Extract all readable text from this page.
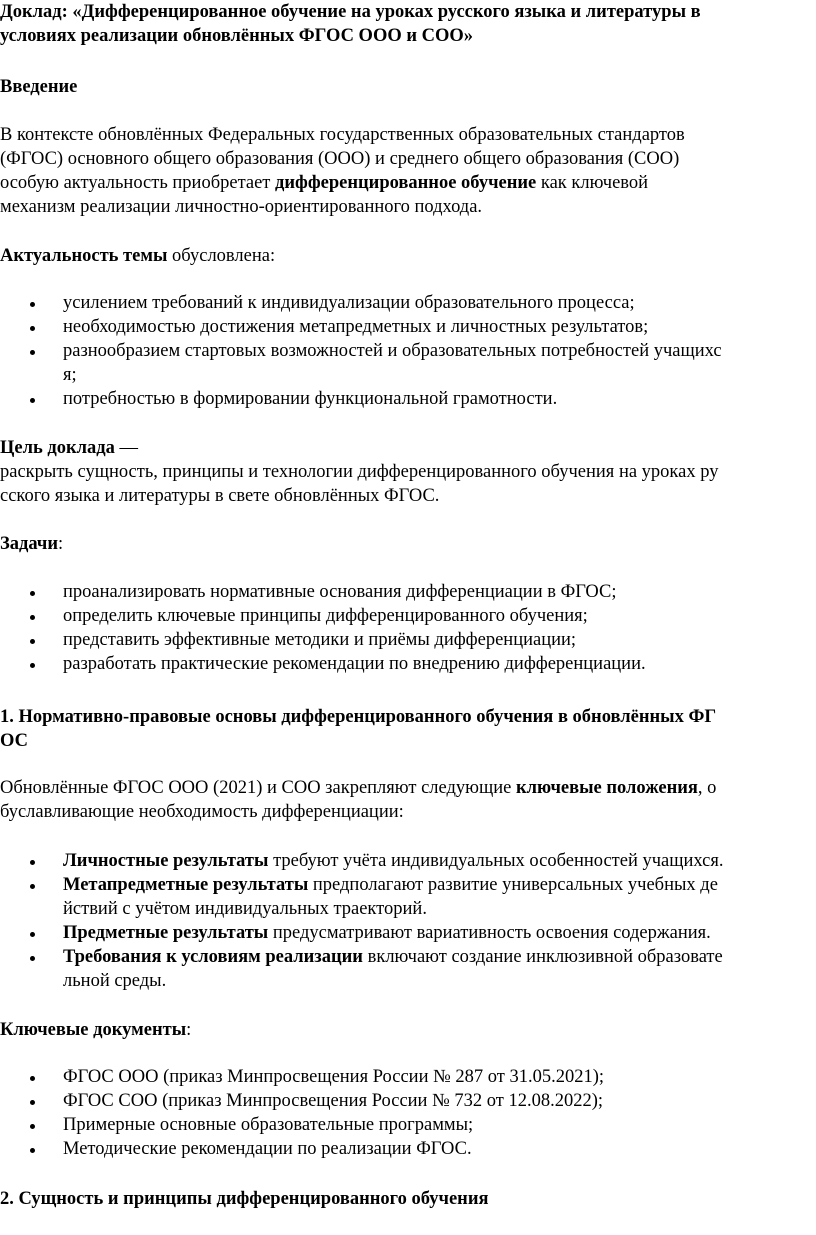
Доклад: «Дифференцированное обучение на уроках русского языка и литературы в
условиях реализации обновлённых ФГОС ООО и СОО»
Введение
В контексте обновлённых Федеральных государственных образовательных стандартов
(ФГОС) основного общего образования (ООО) и среднего общего образования (СОО)
особую актуальность приобретает дифференцированное обучение как ключевой
механизм реализации личностно-ориентированного подхода.
Актуальность темы обусловлена:
усилением требований к индивидуализации образовательного процесса;
необходимостью достижения метапредметных и личностных результатов;
разнообразием стартовых возможностей и образовательных потребностей учащихс
я;
потребностью в формировании функциональной грамотности.
Цель доклада —
раскрыть сущность, принципы и технологии дифференцированного обучения на уроках ру
сского языка и литературы в свете обновлённых ФГОС.
Задачи:
проанализировать нормативные основания дифференциации в ФГОС;
определить ключевые принципы дифференцированного обучения;
представить эффективные методики и приёмы дифференциации;
разработать практические рекомендации по внедрению дифференциации.
1. Нормативно-правовые основы дифференцированного обучения в обновлённых ФГ
ОС
Обновлённые ФГОС ООО (2021) и СОО закрепляют следующие ключевые положения, о
буславливающие необходимость дифференциации:
Личностные результаты требуют учёта индивидуальных особенностей учащихся.
Метапредметные результаты предполагают развитие универсальных учебных де
йствий с учётом индивидуальных траекторий.
Предметные результаты предусматривают вариативность освоения содержания.
Требования к условиям реализации включают создание инклюзивной образовате
льной среды.
Ключевые документы:
ФГОС ООО (приказ Минпросвещения России № 287 от 31.05.2021);
ФГОС СОО (приказ Минпросвещения России № 732 от 12.08.2022);
Примерные основные образовательные программы;
Методические рекомендации по реализации ФГОС.
2. Сущность и принципы дифференцированного обучения
